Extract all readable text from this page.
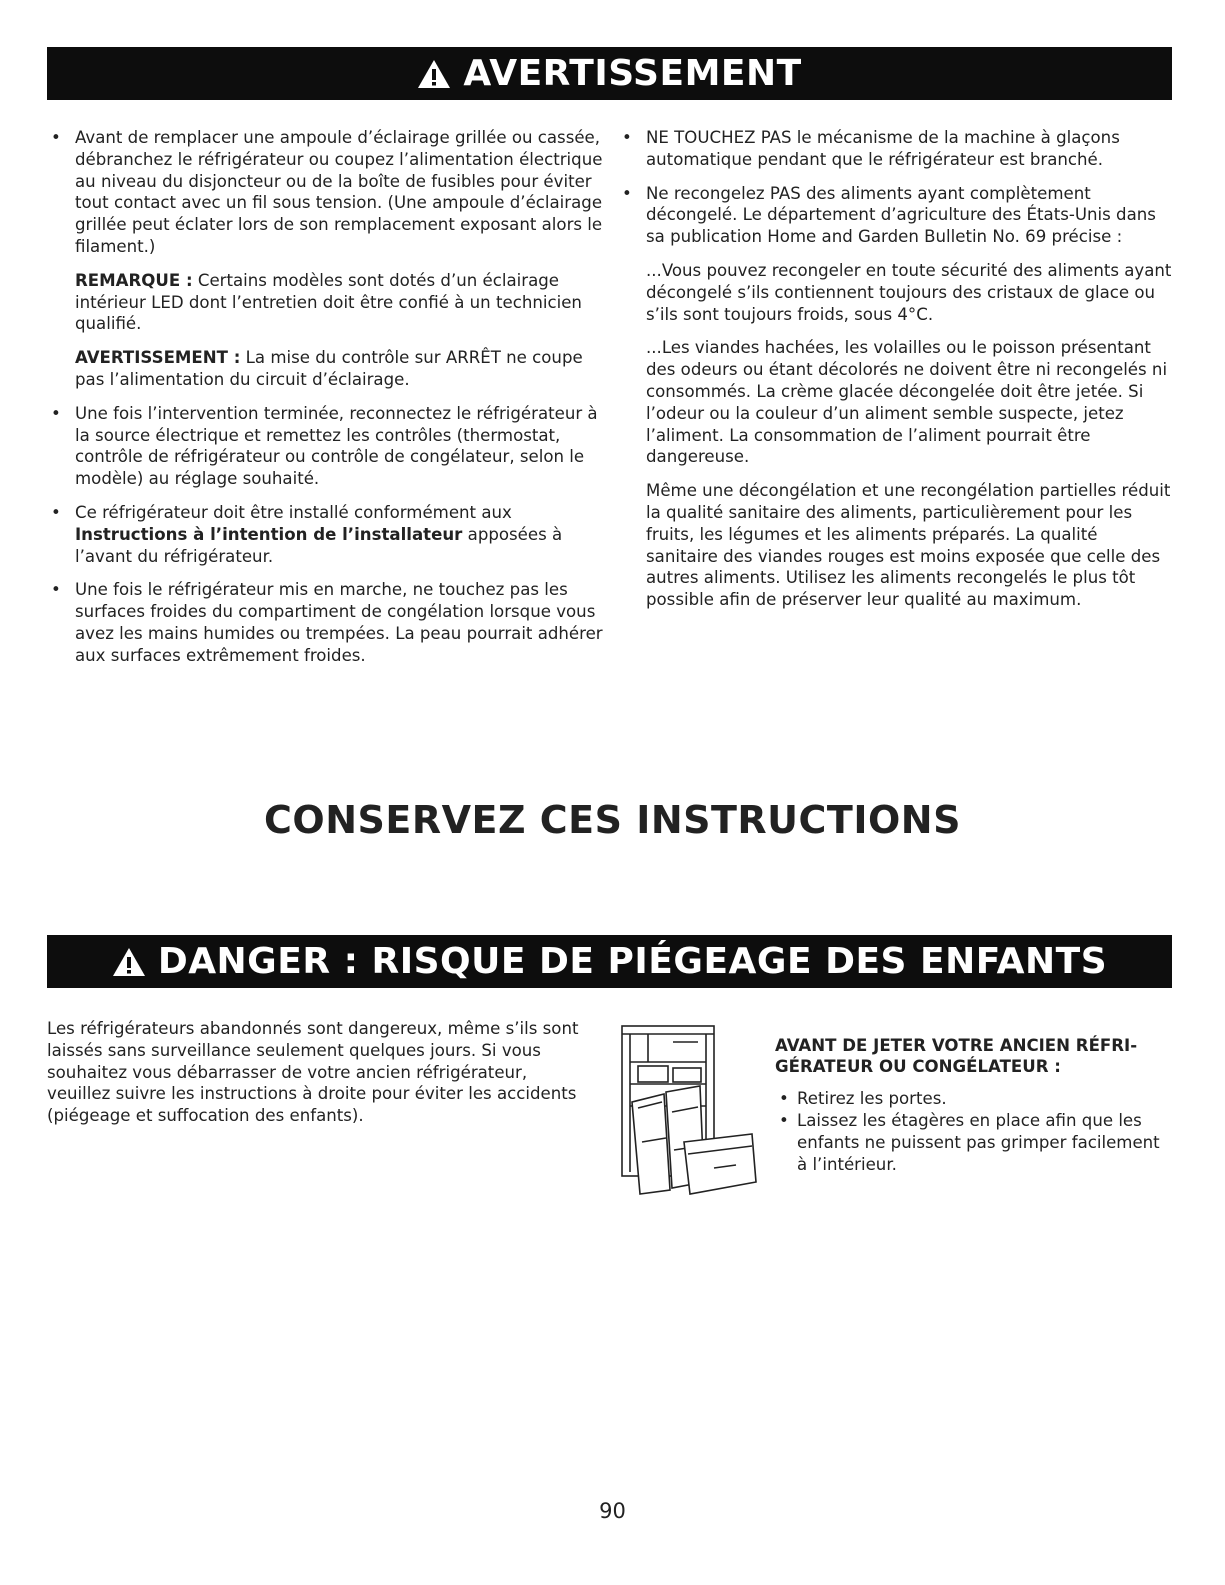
AVERTISSEMENT

• Avant de remplacer une ampoule d’éclairage grillée ou cassée, débranchez le réfrigérateur ou coupez l’alimentation électrique au niveau du disjoncteur ou de la boîte de fusibles pour éviter tout contact avec un fil sous tension. (Une ampoule d’éclairage grillée peut éclater lors de son remplacement exposant alors le filament.)

REMARQUE : Certains modèles sont dotés d’un éclairage intérieur LED dont l’entretien doit être confié à un technicien qualifié.

AVERTISSEMENT : La mise du contrôle sur ARRÊT ne coupe pas l’alimentation du circuit d’éclairage.

• Une fois l’intervention terminée, reconnectez le réfrigérateur à la source électrique et remettez les contrôles (thermostat, contrôle de réfrigérateur ou contrôle de congélateur, selon le modèle) au réglage souhaité.

• Ce réfrigérateur doit être installé conformément aux Instructions à l’intention de l’installateur apposées à l’avant du réfrigérateur.

• Une fois le réfrigérateur mis en marche, ne touchez pas les surfaces froides du compartiment de congélation lorsque vous avez les mains humides ou trempées. La peau pourrait adhérer aux surfaces extrêmement froides.

• NE TOUCHEZ PAS le mécanisme de la machine à glaçons automatique pendant que le réfrigérateur est branché.

• Ne recongelez PAS des aliments ayant complètement décongelé. Le département d’agriculture des États-Unis dans sa publication Home and Garden Bulletin No. 69 précise :

...Vous pouvez recongeler en toute sécurité des aliments ayant décongelé s’ils contiennent toujours des cristaux de glace ou s’ils sont toujours froids, sous 4°C.

...Les viandes hachées, les volailles ou le poisson présentant des odeurs ou étant décolorés ne doivent être ni recongelés ni consommés. La crème glacée décongelée doit être jetée. Si l’odeur ou la couleur d’un aliment semble suspecte, jetez l’aliment. La consommation de l’aliment pourrait être dangereuse.

Même une décongélation et une recongélation partielles réduit la qualité sanitaire des aliments, particulièrement pour les fruits, les légumes et les aliments préparés. La qualité sanitaire des viandes rouges est moins exposée que celle des autres aliments. Utilisez les aliments recongelés le plus tôt possible afin de préserver leur qualité au maximum.

CONSERVEZ CES INSTRUCTIONS
DANGER : RISQUE DE PIÉGEAGE DES ENFANTS

Les réfrigérateurs abandonnés sont dangereux, même s’ils sont laissés sans surveillance seulement quelques jours. Si vous souhaitez vous débarrasser de votre ancien réfrigérateur, veuillez suivre les instructions à droite pour éviter les accidents (piégeage et suffocation des enfants).

AVANT DE JETER VOTRE ANCIEN RÉFRI-GÉRATEUR OU CONGÉLATEUR :

• Retirez les portes.

• Laissez les étagères en place afin que les enfants ne puissent pas grimper facilement à l’intérieur.

90
